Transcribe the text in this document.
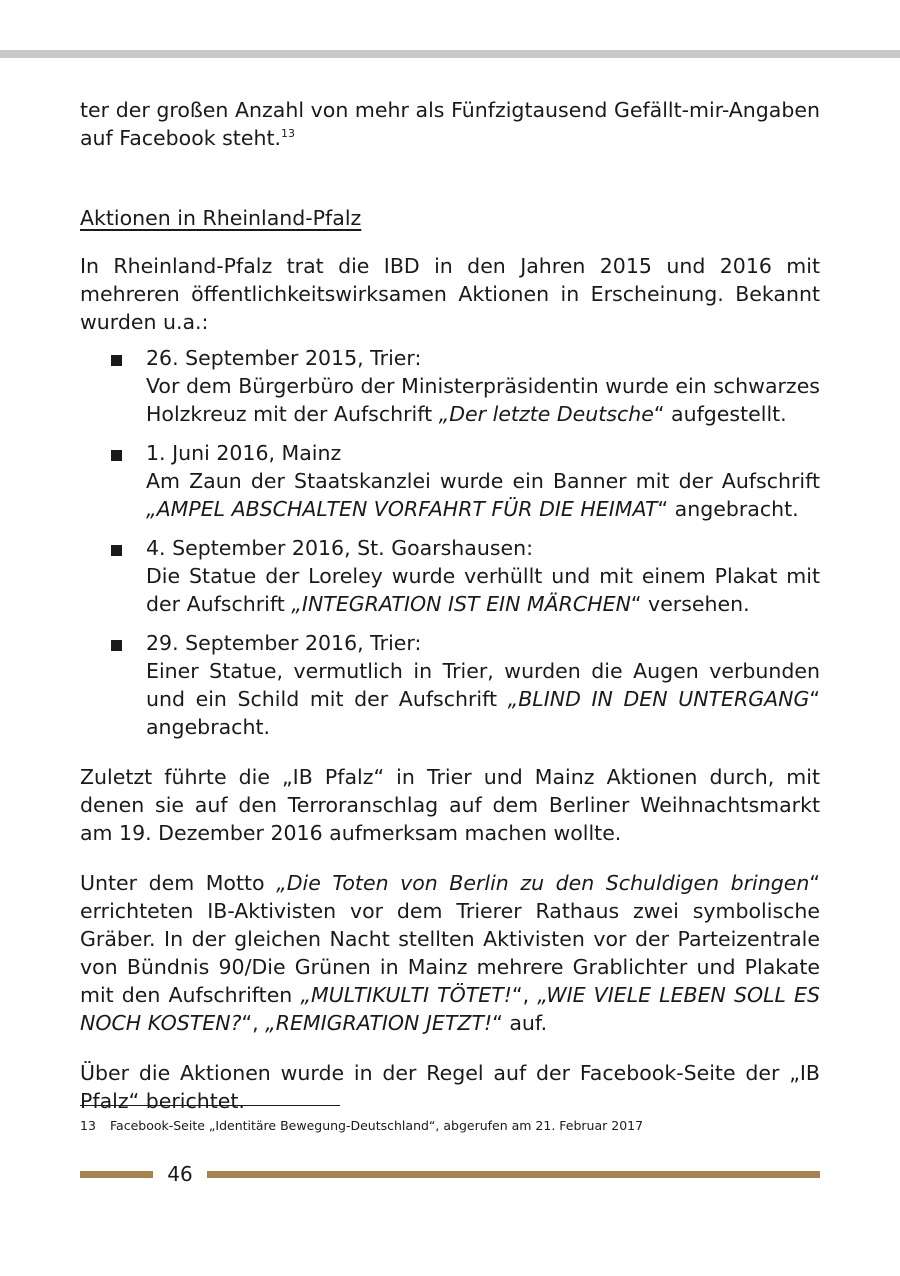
ter der großen Anzahl von mehr als Fünfzigtausend Gefällt-mir-Angaben auf Facebook steht.$^{13}$

Aktionen in Rheinland-Pfalz

In Rheinland-Pfalz trat die IBD in den Jahren 2015 und 2016 mit mehreren öffentlichkeitswirksamen Aktionen in Erscheinung. Bekannt wurden u.a.:

26. September 2015, Trier:
Vor dem Bürgerbüro der Ministerpräsidentin wurde ein schwarzes Holzkreuz mit der Aufschrift „Der letzte Deutsche“ aufgestellt.
1. Juni 2016, Mainz
Am Zaun der Staatskanzlei wurde ein Banner mit der Aufschrift „AMPEL ABSCHALTEN VORFAHRT FÜR DIE HEIMAT“ angebracht.
4. September 2016, St. Goarshausen:
Die Statue der Loreley wurde verhüllt und mit einem Plakat mit der Aufschrift „INTEGRATION IST EIN MÄRCHEN“ versehen.
29. September 2016, Trier:
Einer Statue, vermutlich in Trier, wurden die Augen verbunden und ein Schild mit der Aufschrift „BLIND IN DEN UNTERGANG“ angebracht.

Zuletzt führte die „IB Pfalz“ in Trier und Mainz Aktionen durch, mit denen sie auf den Terroranschlag auf dem Berliner Weihnachtsmarkt am 19. Dezember 2016 aufmerksam machen wollte.

Unter dem Motto „Die Toten von Berlin zu den Schuldigen bringen“ errichteten IB-Aktivisten vor dem Trierer Rathaus zwei symbolische Gräber. In der gleichen Nacht stellten Aktivisten vor der Parteizentrale von Bündnis 90/Die Grünen in Mainz mehrere Grablichter und Plakate mit den Aufschriften „MULTIKULTI TÖTET!“, „WIE VIELE LEBEN SOLL ES NOCH KOSTEN?“, „REMIGRATION JETZT!“ auf.

Über die Aktionen wurde in der Regel auf der Facebook-Seite der „IB Pfalz“ berichtet.

13 Facebook-Seite „Identitäre Bewegung-Deutschland“, abgerufen am 21. Februar 2017
46
